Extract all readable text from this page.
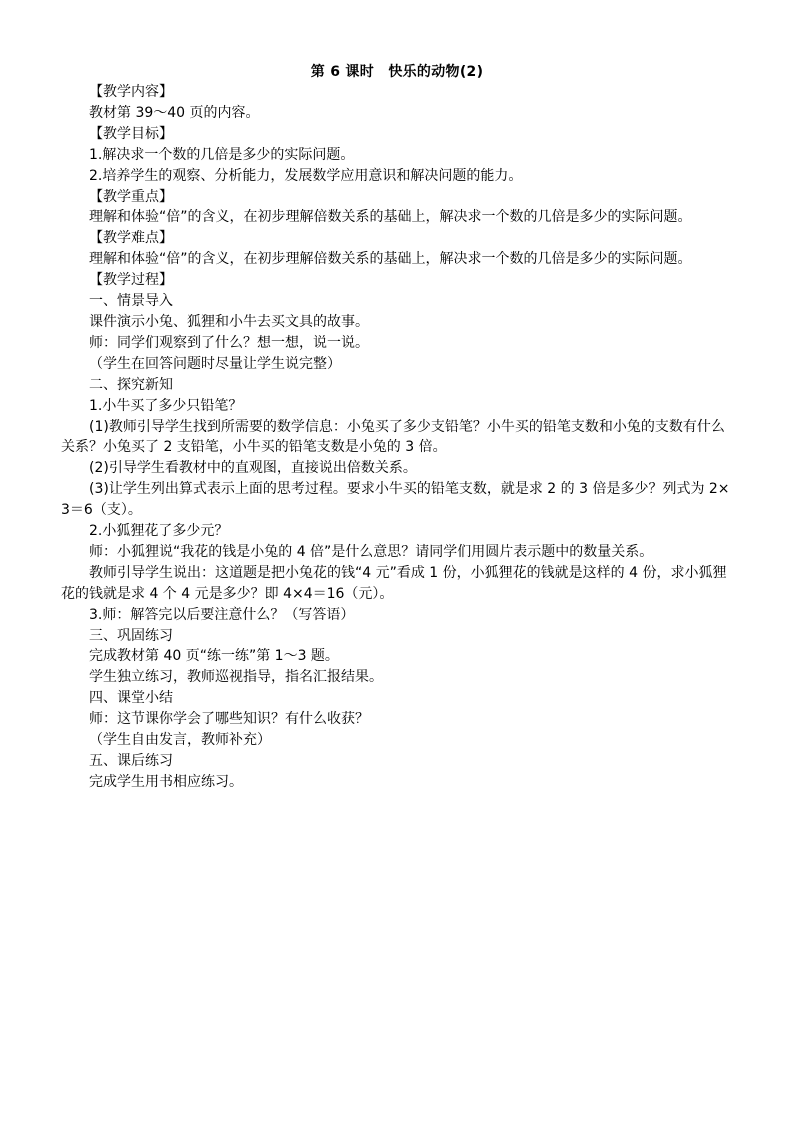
第 6 课时　快乐的动物(2)

【教学内容】

教材第 39～40 页的内容。

【教学目标】

1.解决求一个数的几倍是多少的实际问题。

2.培养学生的观察、分析能力，发展数学应用意识和解决问题的能力。

【教学重点】

理解和体验“倍”的含义，在初步理解倍数关系的基础上，解决求一个数的几倍是多少的实际问题。

【教学难点】

理解和体验“倍”的含义，在初步理解倍数关系的基础上，解决求一个数的几倍是多少的实际问题。

【教学过程】

一、情景导入

课件演示小兔、狐狸和小牛去买文具的故事。

师：同学们观察到了什么？想一想，说一说。

（学生在回答问题时尽量让学生说完整）

二、探究新知

1.小牛买了多少只铅笔？

(1)教师引导学生找到所需要的数学信息：小兔买了多少支铅笔？小牛买的铅笔支数和小兔的支数有什么关系？小兔买了 2 支铅笔，小牛买的铅笔支数是小兔的 3 倍。

(2)引导学生看教材中的直观图，直接说出倍数关系。

(3)让学生列出算式表示上面的思考过程。要求小牛买的铅笔支数，就是求 2 的 3 倍是多少？列式为 2×3＝6（支）。

2.小狐狸花了多少元？

师：小狐狸说“我花的钱是小兔的 4 倍”是什么意思？请同学们用圆片表示题中的数量关系。

教师引导学生说出：这道题是把小兔花的钱“4 元”看成 1 份，小狐狸花的钱就是这样的 4 份，求小狐狸花的钱就是求 4 个 4 元是多少？即 4×4＝16（元）。

3.师：解答完以后要注意什么？（写答语）

三、巩固练习

完成教材第 40 页“练一练”第 1～3 题。

学生独立练习，教师巡视指导，指名汇报结果。

四、课堂小结

师：这节课你学会了哪些知识？有什么收获？

（学生自由发言，教师补充）

五、课后练习

完成学生用书相应练习。
